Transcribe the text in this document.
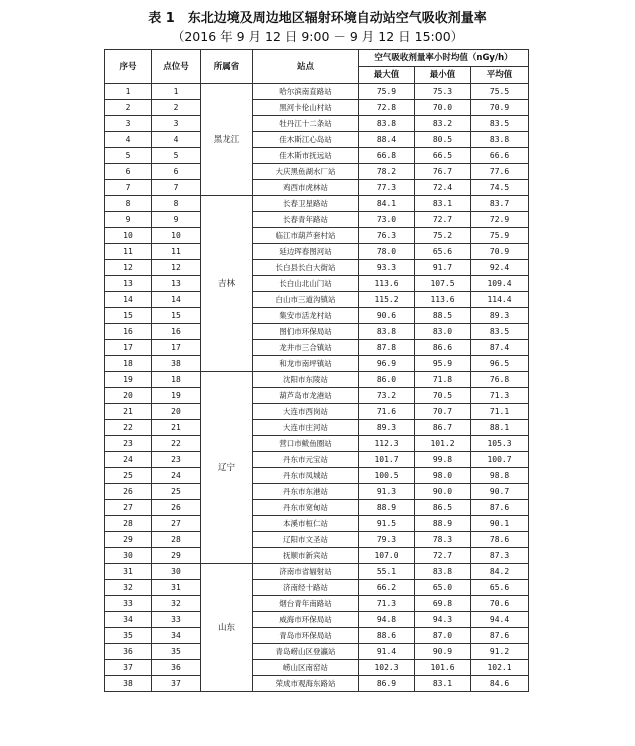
表 1　东北边境及周边地区辐射环境自动站空气吸收剂量率
（2016 年 9 月 12 日 9:00 － 9 月 12 日 15:00）
序号	点位号	所属省	站点	空气吸收剂量率小时均值（nGy/h）		
				最大值	最小值	平均值
1	1	黑龙江	哈尔滨南直路站	75.9	75.3	75.5
2	2		黑河卡伦山村站	72.8	70.0	70.9
3	3		牡丹江十二条站	83.8	83.2	83.5
4	4		佳木斯江心岛站	88.4	80.5	83.8
5	5		佳木斯市抚远站	66.8	66.5	66.6
6	6		大庆黑鱼湖水厂站	78.2	76.7	77.6
7	7		鸡西市虎林站	77.3	72.4	74.5
8	8	吉林	长春卫星路站	84.1	83.1	83.7
9	9		长春青年路站	73.0	72.7	72.9
10	10		临江市葫芦套村站	76.3	75.2	75.9
11	11		延边珲春图河站	78.0	65.6	70.9
12	12		长白县长白大街站	93.3	91.7	92.4
13	13		长白山北山门站	113.6	107.5	109.4
14	14		白山市三道沟镇站	115.2	113.6	114.4
15	15		集安市活龙村站	90.6	88.5	89.3
16	16		图们市环保局站	83.8	83.0	83.5
17	17		龙井市三合镇站	87.8	86.6	87.4
18	38		和龙市南坪镇站	96.9	95.9	96.5
19	18	辽宁	沈阳市东陵站	86.0	71.8	76.8
20	19		葫芦岛市龙港站	73.2	70.5	71.3
21	20		大连市西岗站	71.6	70.7	71.1
22	21		大连市庄河站	89.3	86.7	88.1
23	22		营口市鲅鱼圈站	112.3	101.2	105.3
24	23		丹东市元宝站	101.7	99.8	100.7
25	24		丹东市凤城站	100.5	98.0	98.8
26	25		丹东市东港站	91.3	90.0	90.7
27	26		丹东市宽甸站	88.9	86.5	87.6
28	27		本溪市桓仁站	91.5	88.9	90.1
29	28		辽阳市文圣站	79.3	78.3	78.6
30	29		抚顺市新宾站	107.0	72.7	87.3
31	30	山东	济南市省辐射站	55.1	83.8	84.2
32	31		济南经十路站	66.2	65.0	65.6
33	32		烟台青年南路站	71.3	69.8	70.6
34	33		威海市环保局站	94.8	94.3	94.4
35	34		青岛市环保局站	88.6	87.0	87.6
36	35		青岛崂山区登瀛站	91.4	90.9	91.2
37	36		崂山区南窑站	102.3	101.6	102.1
38	37		荣成市观海东路站	86.9	83.1	84.6
